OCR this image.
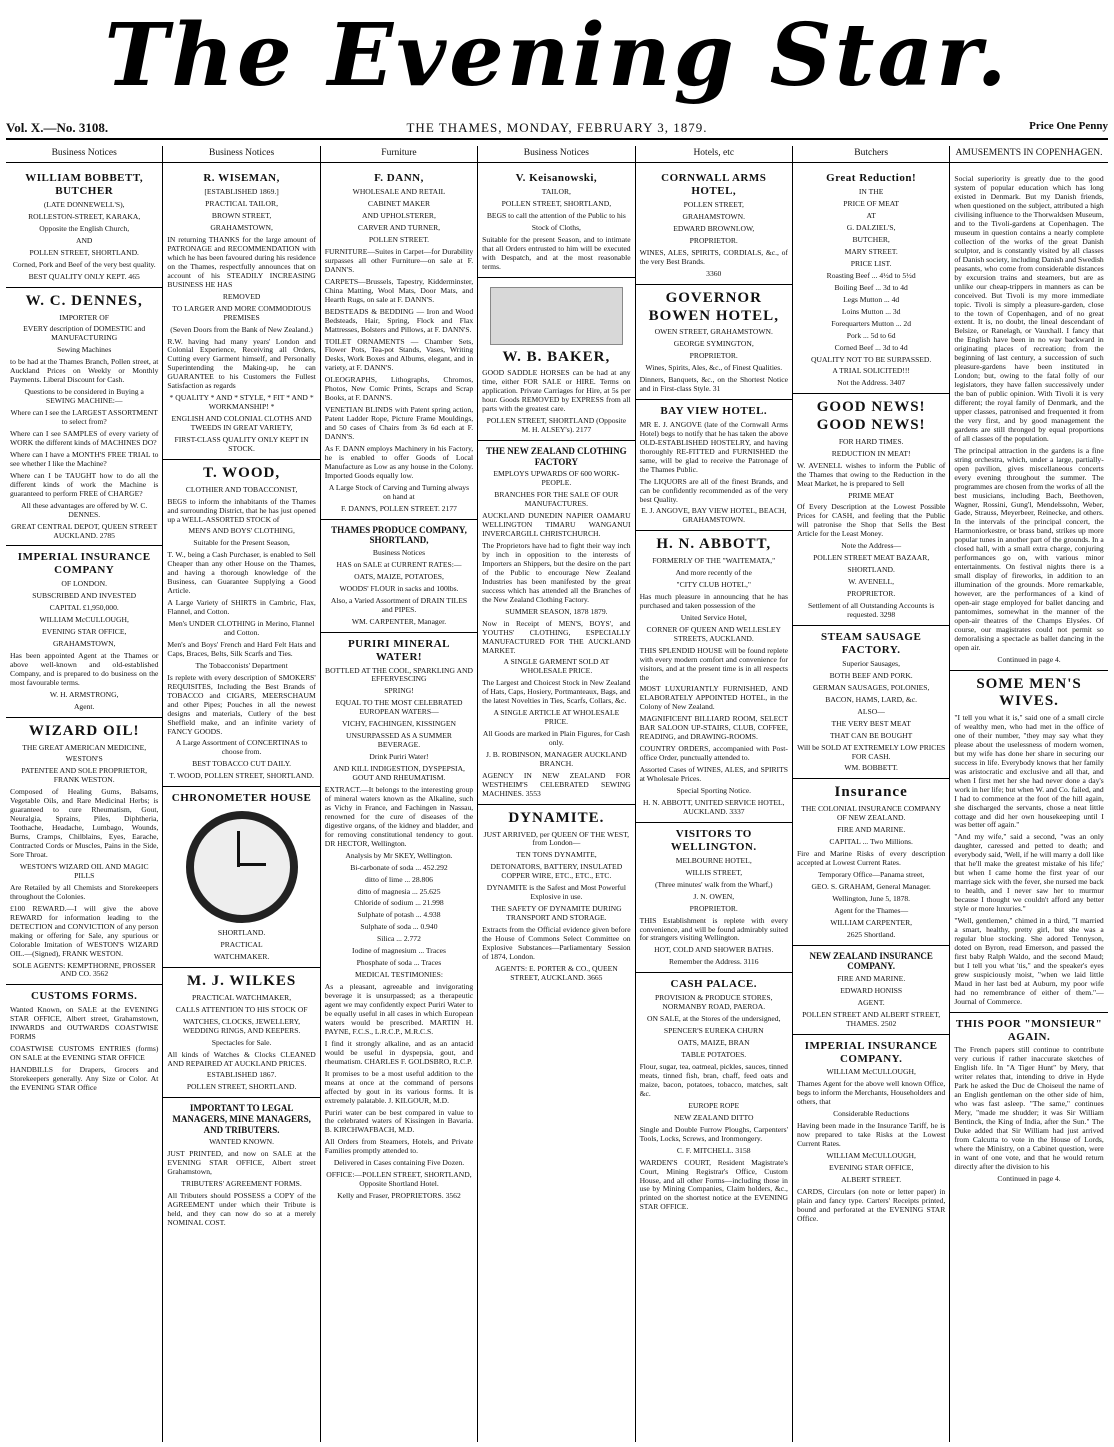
The Evening Star.
Vol. X.—No. 3108.	THE THAMES, MONDAY, FEBRUARY 3, 1879.	Price One Penny
Business Notices
WILLIAM BOBBETT, BUTCHER
(LATE DONNEWELL'S),
ROLLESTON-STREET, KARAKA,
Opposite the English Church,
AND
POLLEN STREET, SHORTLAND.
Corned, Pork and Beef of the very best quality.
BEST QUALITY ONLY KEPT. 465
W. C. DENNES,
IMPORTER OF
EVERY description of DOMESTIC and MANUFACTURING
Sewing Machines
to be had at the Thames Branch, Pollen street, at Auckland Prices on Weekly or Monthly Payments. Liberal Discount for Cash.
Questions to be considered in Buying a SEWING MACHINE:—
Where can I see the LARGEST ASSORTMENT to select from?
Where can I see SAMPLES of every variety of WORK the different kinds of MACHINES DO?
Where can I have a MONTH'S FREE TRIAL to see whether I like the Machine?
Where can I be TAUGHT how to do all the different kinds of work the Machine is guaranteed to perform FREE of CHARGE?
All these advantages are offered by W. C. DENNES.
GREAT CENTRAL DEPOT, QUEEN STREET AUCKLAND. 2785
IMPERIAL INSURANCE COMPANY
OF LONDON.
SUBSCRIBED AND INVESTED
CAPITAL £1,950,000.
WILLIAM McCULLOUGH,
EVENING STAR OFFICE,
GRAHAMSTOWN,
Has been appointed Agent at the Thames or above well-known and old-established Company, and is prepared to do business on the most favourable terms.
W. H. ARMSTRONG,
Agent.
WIZARD OIL!
THE GREAT AMERICAN MEDICINE,
WESTON'S
PATENTEE AND SOLE PROPRIETOR, FRANK WESTON.
Composed of Healing Gums, Balsams, Vegetable Oils, and Rare Medicinal Herbs; is guaranteed to cure Rheumatism, Gout, Neuralgia, Sprains, Piles, Diphtheria, Toothache, Headache, Lumbago, Wounds, Burns, Cramps, Chilblains, Eyes, Earache, Contracted Cords or Muscles, Pains in the Side, Sore Throat.
WESTON'S WIZARD OIL AND MAGIC PILLS
Are Retailed by all Chemists and Storekeepers throughout the Colonies.
£100 REWARD.—I will give the above REWARD for information leading to the DETECTION and CONVICTION of any person making or offering for Sale, any spurious or Colorable Imitation of WESTON'S WIZARD OIL.—(Signed), FRANK WESTON.
SOLE AGENTS: KEMPTHORNE, PROSSER AND CO. 3562
CUSTOMS FORMS.
Wanted Known, on SALE at the EVENING STAR OFFICE, Albert street, Grahamstown, INWARDS and OUTWARDS COASTWISE FORMS
COASTWISE CUSTOMS ENTRIES (forms) ON SALE at the EVENING STAR OFFICE
HANDBILLS for Drapers, Grocers and Storekeepers generally. Any Size or Color. At the EVENING STAR Office
Business Notices
R. WISEMAN,
[ESTABLISHED 1869.]
PRACTICAL TAILOR,
BROWN STREET,
GRAHAMSTOWN,
IN returning THANKS for the large amount of PATRONAGE and RECOMMENDATION with which he has been favoured during his residence on the Thames, respectfully announces that on account of his STEADILY INCREASING BUSINESS HE HAS
REMOVED
TO LARGER AND MORE COMMODIOUS PREMISES
(Seven Doors from the Bank of New Zealand.)
R.W. having had many years' London and Colonial Experience, Receiving all Orders, Cutting every Garment himself, and Personally Superintending the Making-up, he can GUARANTEE to his Customers the Fullest Satisfaction as regards
* QUALITY * AND * STYLE, * FIT * AND * WORKMANSHIP! *
ENGLISH AND COLONIAL CLOTHS AND TWEEDS IN GREAT VARIETY,
FIRST-CLASS QUALITY ONLY KEPT IN STOCK.
T. WOOD,
CLOTHIER AND TOBACCONIST,
BEGS to inform the inhabitants of the Thames and surrounding District, that he has just opened up a WELL-ASSORTED STOCK of
MEN'S AND BOYS' CLOTHING,
Suitable for the Present Season,
T. W., being a Cash Purchaser, is enabled to Sell Cheaper than any other House on the Thames, and having a thorough knowledge of the Business, can Guarantee Supplying a Good Article.
A Large Variety of SHIRTS in Cambric, Flax, Flannel, and Cotton.
Men's UNDER CLOTHING in Merino, Flannel and Cotton.
Men's and Boys' French and Hard Felt Hats and Caps, Braces, Belts, Silk Scarfs and Ties.
The Tobacconists' Department
Is replete with every description of SMOKERS' REQUISITES, Including the Best Brands of TOBACCO and CIGARS, MEERSCHAUM and other Pipes; Pouches in all the newest designs and materials, Cutlery of the best Sheffield make, and an infinite variety of FANCY GOODS.
A Large Assortment of CONCERTINAS to choose from.
BEST TOBACCO CUT DAILY.
T. WOOD, POLLEN STREET, SHORTLAND.
CHRONOMETER HOUSE
SHORTLAND.
PRACTICAL
WATCHMAKER.
M. J. WILKES
PRACTICAL WATCHMAKER,
CALLS ATTENTION TO HIS STOCK OF
WATCHES, CLOCKS, JEWELLERY, WEDDING RINGS, AND KEEPERS.
Spectacles for Sale.
All kinds of Watches & Clocks CLEANED AND REPAIRED AT AUCKLAND PRICES.
ESTABLISHED 1867.
POLLEN STREET, SHORTLAND.
IMPORTANT TO LEGAL MANAGERS, MINE MANAGERS, AND TRIBUTERS.
WANTED KNOWN.
JUST PRINTED, and now on SALE at the EVENING STAR OFFICE, Albert street Grahamstown,
TRIBUTERS' AGREEMENT FORMS.
All Tributers should POSSESS a COPY of the AGREEMENT under which their Tribute is held, and they can now do so at a merely NOMINAL COST.
Furniture
F. DANN,
WHOLESALE AND RETAIL
CABINET MAKER
AND UPHOLSTERER,
CARVER AND TURNER,
POLLEN STREET.
FURNITURE—Suites in Carpet—for Durability surpasses all other Furniture—on sale at F. DANN'S.
CARPETS—Brussels, Tapestry, Kidderminster, China Matting, Wool Mats, Door Mats, and Hearth Rugs, on sale at F. DANN'S.
BEDSTEADS & BEDDING — Iron and Wood Bedsteads, Hair, Spring, Flock and Flax Mattresses, Bolsters and Pillows, at F. DANN'S.
TOILET ORNAMENTS — Chamber Sets, Flower Pots, Tea-pot Stands, Vases, Writing Desks, Work Boxes and Albums, elegant, and in variety, at F. DANN'S.
OLEOGRAPHS, Lithographs, Chromos, Photos, New Comic Prints, Scraps and Scrap Books, at F. DANN'S.
VENETIAN BLINDS with Patent spring action, Patent Ladder Rope, Picture Frame Mouldings, and 50 cases of Chairs from 3s 6d each at F. DANN'S.
As F. DANN employs Machinery in his Factory, he is enabled to offer Goods of Local Manufacture as Low as any house in the Colony. Imported Goods equally low.
A Large Stock of Carving and Turning always on hand at
F. DANN'S, POLLEN STREET. 2177
THAMES PRODUCE COMPANY, SHORTLAND,
Business Notices
HAS on SALE at CURRENT RATES:—
OATS, MAIZE, POTATOES,
WOODS' FLOUR in sacks and 100lbs.
Also, a Varied Assortment of DRAIN TILES and PIPES.
WM. CARPENTER, Manager.
PURIRI MINERAL WATER!
BOTTLED AT THE COOL, SPARKLING AND EFFERVESCING
SPRING!
EQUAL TO THE MOST CELEBRATED EUROPEAN WATERS—
VICHY, FACHINGEN, KISSINGEN
UNSURPASSED AS A SUMMER BEVERAGE.
Drink Puriri Water!
AND KILL INDIGESTION, DYSPEPSIA, GOUT AND RHEUMATISM.
EXTRACT.—It belongs to the interesting group of mineral waters known as the Alkaline, such as Vichy in France, and Fachingen in Nassau, renowned for the cure of diseases of the digestive organs, of the kidney and bladder, and for removing constitutional tendency to gout. DR HECTOR, Wellington.
Analysis by Mr SKEY, Wellington.
Bi-carbonate of soda ... 452.292
ditto of lime ... 28.806
ditto of magnesia ... 25.625
Chloride of sodium ... 21.998
Sulphate of potash ... 4.938
Sulphate of soda ... 0.940
Silica ... 2.772
Iodine of magnesium ... Traces
Phosphate of soda ... Traces
MEDICAL TESTIMONIES:
As a pleasant, agreeable and invigorating beverage it is unsurpassed; as a therapeutic agent we may confidently expect Puriri Water to be equally useful in all cases in which European waters would be prescribed. MARTIN H. PAYNE, F.C.S., L.R.C.P., M.R.C.S.
I find it strongly alkaline, and as an antacid would be useful in dyspepsia, gout, and rheumatism. CHARLES F. GOLDSBRO, R.C.P.
It promises to be a most useful addition to the means at once at the command of persons affected by gout in its various forms. It is extremely palatable. J. KILGOUR, M.D.
Puriri water can be best compared in value to the celebrated waters of Kissingen in Bavaria. B. KIRCHWAFBACH, M.D.
All Orders from Steamers, Hotels, and Private Families promptly attended to.
Delivered in Cases containing Five Dozen.
OFFICE:—POLLEN STREET, SHORTLAND, Opposite Shortland Hotel.
Kelly and Fraser, PROPRIETORS. 3562
Business Notices
V. Keisanowski,
TAILOR,
POLLEN STREET, SHORTLAND,
BEGS to call the attention of the Public to his
Stock of Cloths,
Suitable for the present Season, and to intimate that all Orders entrusted to him will be executed with Despatch, and at the most reasonable terms.
W. B. BAKER,
GOOD SADDLE HORSES can be had at any time, either FOR SALE or HIRE. Terms on application. Private Carriages for Hire, at 5s per hour. Goods REMOVED by EXPRESS from all parts with the greatest care.
POLLEN STREET, SHORTLAND (Opposite M. H. ALSEY's). 2177
THE NEW ZEALAND CLOTHING FACTORY
EMPLOYS UPWARDS OF 600 WORK-PEOPLE.
BRANCHES FOR THE SALE OF OUR MANUFACTURES.
AUCKLAND DUNEDIN NAPIER OAMARU WELLINGTON TIMARU WANGANUI INVERCARGILL CHRISTCHURCH.
The Proprietors have had to fight their way inch by inch in opposition to the interests of Importers an Shippers, but the desire on the part of the Public to encourage New Zealand Industries has been manifested by the great success which has attended all the Branches of the New Zealand Clothing Factory.
SUMMER SEASON, 1878 1879.
Now in Receipt of MEN'S, BOYS', and YOUTHS' CLOTHING, ESPECIALLY MANUFACTURED FOR THE AUCKLAND MARKET.
A SINGLE GARMENT SOLD AT WHOLESALE PRICE.
The Largest and Choicest Stock in New Zealand of Hats, Caps, Hosiery, Portmanteaux, Bags, and the latest Novelties in Ties, Scarfs, Collars, &c.
A SINGLE ARTICLE AT WHOLESALE PRICE.
All Goods are marked in Plain Figures, for Cash only.
J. B. ROBINSON, MANAGER AUCKLAND BRANCH.
AGENCY IN NEW ZEALAND FOR WESTHEIM'S CELEBRATED SEWING MACHINES. 3553
DYNAMITE.
JUST ARRIVED, per QUEEN OF THE WEST, from London—
TEN TONS DYNAMITE,
DETONATORS, BATTERY, INSULATED COPPER WIRE, ETC., ETC., ETC.
DYNAMITE is the Safest and Most Powerful Explosive in use.
THE SAFETY OF DYNAMITE DURING TRANSPORT AND STORAGE.
Extracts from the Official evidence given before the House of Commons Select Committee on Explosive Substances—Parliamentary Session of 1874, London.
AGENTS: E. PORTER & CO., QUEEN STREET, AUCKLAND. 3665
Hotels, etc
CORNWALL ARMS HOTEL,
POLLEN STREET,
GRAHAMSTOWN.
EDWARD BROWNLOW,
PROPRIETOR.
WINES, ALES, SPIRITS, CORDIALS, &c., of the very Best Brands.
3360
GOVERNOR BOWEN HOTEL,
OWEN STREET, GRAHAMSTOWN.
GEORGE SYMINGTON,
PROPRIETOR.
Wines, Spirits, Ales, &c., of Finest Qualities.
Dinners, Banquets, &c., on the Shortest Notice and in First-class Style. 31
BAY VIEW HOTEL.
MR E. J. ANGOVE (late of the Cornwall Arms Hotel) begs to notify that he has taken the above OLD-ESTABLISHED HOSTELRY, and having thoroughly RE-FITTED and FURNISHED the same, will be glad to receive the Patronage of the Thames Public.
The LIQUORS are all of the finest Brands, and can be confidently recommended as of the very best Quality.
E. J. ANGOVE, BAY VIEW HOTEL, BEACH, GRAHAMSTOWN.
H. N. ABBOTT,
FORMERLY OF THE "WAITEMATA,"
And more recently of the
"CITY CLUB HOTEL,"
Has much pleasure in announcing that he has purchased and taken possession of the
United Service Hotel,
CORNER OF QUEEN AND WELLESLEY STREETS, AUCKLAND.
THIS SPLENDID HOUSE will be found replete with every modern comfort and convenience for visitors, and at the present time is in all respects the
MOST LUXURIANTLY FURNISHED, AND ELABORATELY APPOINTED HOTEL, in the Colony of New Zealand.
MAGNIFICENT BILLIARD ROOM, SELECT BAR SALOON UP-STAIRS, CLUB, COFFEE, READING, and DRAWING-ROOMS.
COUNTRY ORDERS, accompanied with Post-office Order, punctually attended to.
Assorted Cases of WINES, ALES, and SPIRITS at Wholesale Prices.
Special Sporting Notice.
H. N. ABBOTT, UNITED SERVICE HOTEL, AUCKLAND. 3337
VISITORS TO WELLINGTON.
MELBOURNE HOTEL,
WILLIS STREET,
(Three minutes' walk from the Wharf,)
J. N. OWEN,
PROPRIETOR.
THIS Establishment is replete with every convenience, and will be found admirably suited for strangers visiting Wellington.
HOT, COLD AND SHOWER BATHS.
Remember the Address. 3116
CASH PALACE.
PROVISION & PRODUCE STORES, NORMANBY ROAD, PAEROA.
ON SALE, at the Stores of the undersigned,
SPENCER'S EUREKA CHURN
OATS, MAIZE, BRAN
TABLE POTATOES.
Flour, sugar, tea, oatmeal, pickles, sauces, tinned meats, tinned fish, bran, chaff, feed oats and maize, bacon, potatoes, tobacco, matches, salt &c.
EUROPE ROPE
NEW ZEALAND DITTO
Single and Double Furrow Ploughs, Carpenters' Tools, Locks, Screws, and Ironmongery.
C. F. MITCHELL. 3158
WARDEN'S COURT, Resident Magistrate's Court, Mining Registrar's Office, Custom House, and all other Forms—including those in use by Mining Companies, Claim holders, &c., printed on the shortest notice at the EVENING STAR OFFICE.
Butchers
Great Reduction!
IN THE
PRICE OF MEAT
AT
G. DALZIEL'S,
BUTCHER,
MARY STREET.
PRICE LIST.
Roasting Beef ... 4½d to 5½d
Boiling Beef ... 3d to 4d
Legs Mutton ... 4d
Loins Mutton ... 3d
Forequarters Mutton ... 2d
Pork ... 5d to 6d
Corned Beef ... 3d to 4d
QUALITY NOT TO BE SURPASSED.
A TRIAL SOLICITED!!!
Not the Address. 3407
GOOD NEWS! GOOD NEWS!
FOR HARD TIMES.
REDUCTION IN MEAT!
W. AVENELL wishes to inform the Public of the Thames that owing to the Reduction in the Meat Market, he is prepared to Sell
PRIME MEAT
Of Every Description at the Lowest Possible Prices for CASH, and feeling that the Public will patronise the Shop that Sells the Best Article for the Least Money.
Note the Address—
POLLEN STREET MEAT BAZAAR,
SHORTLAND.
W. AVENELL,
PROPRIETOR.
Settlement of all Outstanding Accounts is requested. 3298
STEAM SAUSAGE FACTORY.
Superior Sausages,
BOTH BEEF AND PORK.
GERMAN SAUSAGES, POLONIES,
BACON, HAMS, LARD, &c.
ALSO—
THE VERY BEST MEAT
THAT CAN BE BOUGHT
Will be SOLD AT EXTREMELY LOW PRICES FOR CASH.
WM. BOBBETT.
Insurance
THE COLONIAL INSURANCE COMPANY OF NEW ZEALAND.
FIRE AND MARINE.
CAPITAL ... Two Millions.
Fire and Marine Risks of every description accepted at Lowest Current Rates.
Temporary Office—Panama street,
GEO. S. GRAHAM, General Manager.
Wellington, June 5, 1878.
Agent for the Thames—
WILLIAM CARPENTER,
2625 Shortland.
NEW ZEALAND INSURANCE COMPANY.
FIRE AND MARINE.
EDWARD HONISS
AGENT.
POLLEN STREET AND ALBERT STREET, THAMES. 2502
IMPERIAL INSURANCE COMPANY.
WILLIAM McCULLOUGH,
Thames Agent for the above well known Office, begs to inform the Merchants, Householders and others, that
Considerable Reductions
Having been made in the Insurance Tariff, he is now prepared to take Risks at the Lowest Current Rates.
WILLIAM McCULLOUGH,
EVENING STAR OFFICE,
ALBERT STREET.
CARDS, Circulars (on note or letter paper) in plain and fancy type. Carters' Receipts printed, bound and perforated at the EVENING STAR Office.
AMUSEMENTS IN COPENHAGEN.
Social superiority is greatly due to the good system of popular education which has long existed in Denmark. But my Danish friends, when questioned on the subject, attributed a high civilising influence to the Thorwaldsen Museum, and to the Tivoli-gardens at Copenhagen. The museum in question contains a nearly complete collection of the works of the great Danish sculptor, and is constantly visited by all classes of Danish society, including Danish and Swedish peasants, who come from considerable distances by excursion trains and steamers, but are as unlike our cheap-trippers in manners as can be conceived. But Tivoli is my more immediate topic. Tivoli is simply a pleasure-garden, close to the town of Copenhagen, and of no great extent. It is, no doubt, the lineal descendant of Belsize, or Ranelagh, or Vauxhall. I fancy that the English have been in no way backward in originating places of recreation; from the beginning of last century, a succession of such pleasure-gardens have been instituted in London; but, owing to the fatal folly of our legislators, they have fallen successively under the ban of public opinion. With Tivoli it is very different; the royal family of Denmark, and the upper classes, patronised and frequented it from the very first, and by good management the gardens are still thronged by equal proportions of all classes of the population.
The principal attraction in the gardens is a fine string orchestra, which, under a large, partially-open pavilion, gives miscellaneous concerts every evening throughout the summer. The programmes are chosen from the works of all the best musicians, including Bach, Beethoven, Wagner, Rossini, Gung'l, Mendelssohn, Weber, Gade, Strauss, Meyerbeer, Reinecke, and others. In the intervals of the principal concert, the Harmoniorkestre, or brass band, strikes up more popular tunes in another part of the grounds. In a closed hall, with a small extra charge, conjuring performances go on, with various minor entertainments. On festival nights there is a small display of fireworks, in addition to an illumination of the grounds. More remarkable, however, are the performances of a kind of open-air stage employed for ballet dancing and pantomimes, somewhat in the manner of the open-air theatres of the Champs Elysées. Of course, our magistrates could not permit so demoralising a spectacle as ballet dancing in the open air.
Continued in page 4.
SOME MEN'S WIVES.
"I tell you what it is," said one of a small circle of wealthy men, who had met in the office of one of their number, "they may say what they please about the uselessness of modern women, but my wife has done her share in securing our success in life. Everybody knows that her family was aristocratic and exclusive and all that, and when I first met her she had never done a day's work in her life; but when W. and Co. failed, and I had to commence at the foot of the hill again, she discharged the servants, chose a neat little cottage and did her own housekeeping until I was better off again."
"And my wife," said a second, "was an only daughter, caressed and petted to death; and everybody said, 'Well, if he will marry a doll like that he'll make the greatest mistake of his life;' but when I came home the first year of our marriage sick with the fever, she nursed me back to health, and I never saw her to murmur because I thought we couldn't afford any better style or more luxuries."
"Well, gentlemen," chimed in a third, "I married a smart, healthy, pretty girl, but she was a regular blue stocking. She adored Tennyson, doted on Byron, read Emerson, and passed the first baby Ralph Waldo, and the second Maud; but I tell you what 'tis," and the speaker's eyes grew suspiciously moist, "when we laid little Maud in her last bed at Auburn, my poor wife had no remembrance of either of them."—Journal of Commerce.
THIS POOR "MONSIEUR" AGAIN.
The French papers still continue to contribute very curious if rather inaccurate sketches of English life. In "A Tiger Hunt" by Mery, that writer relates that, intending to drive in Hyde Park he asked the Duc de Choiseul the name of an English gentleman on the other side of him, who was fast asleep. "The same," continues Mery, "made me shudder; it was Sir William Bentinck, the King of India, after the Sun." The Duke added that Sir William had just arrived from Calcutta to vote in the House of Lords, where the Ministry, on a Cabinet question, were in want of one vote, and that he would return directly after the division to his
Continued in page 4.
